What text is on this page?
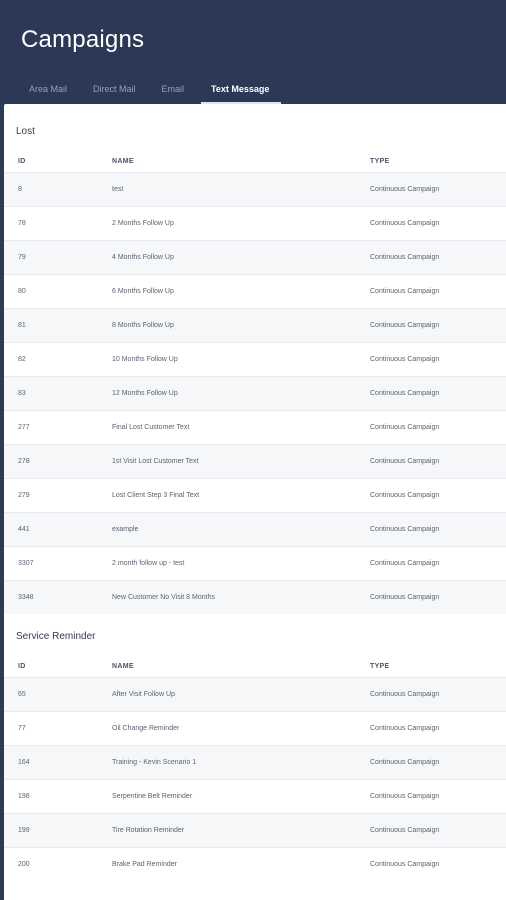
Campaigns
Area Mail	Direct Mail	Email	Text Message
Lost
ID	NAME	TYPE
8	test	Continuous Campaign
78	2 Months Follow Up	Continuous Campaign
79	4 Months Follow Up	Continuous Campaign
80	6 Months Follow Up	Continuous Campaign
81	8 Months Follow Up	Continuous Campaign
82	10 Months Follow Up	Continuous Campaign
83	12 Months Follow Up	Continuous Campaign
277	Final Lost Customer Text	Continuous Campaign
278	1st Visit Lost Customer Text	Continuous Campaign
279	Lost Client Step 3 Final Text	Continuous Campaign
441	example	Continuous Campaign
3307	2 month follow up - test	Continuous Campaign
3348	New Customer No Visit 8 Months	Continuous Campaign
Service Reminder
ID	NAME	TYPE
65	After Visit Follow Up	Continuous Campaign
77	Oil Change Reminder	Continuous Campaign
164	Training - Kevin Scenario 1	Continuous Campaign
198	Serpentine Belt Reminder	Continuous Campaign
199	Tire Rotation Reminder	Continuous Campaign
200	Brake Pad Reminder	Continuous Campaign
